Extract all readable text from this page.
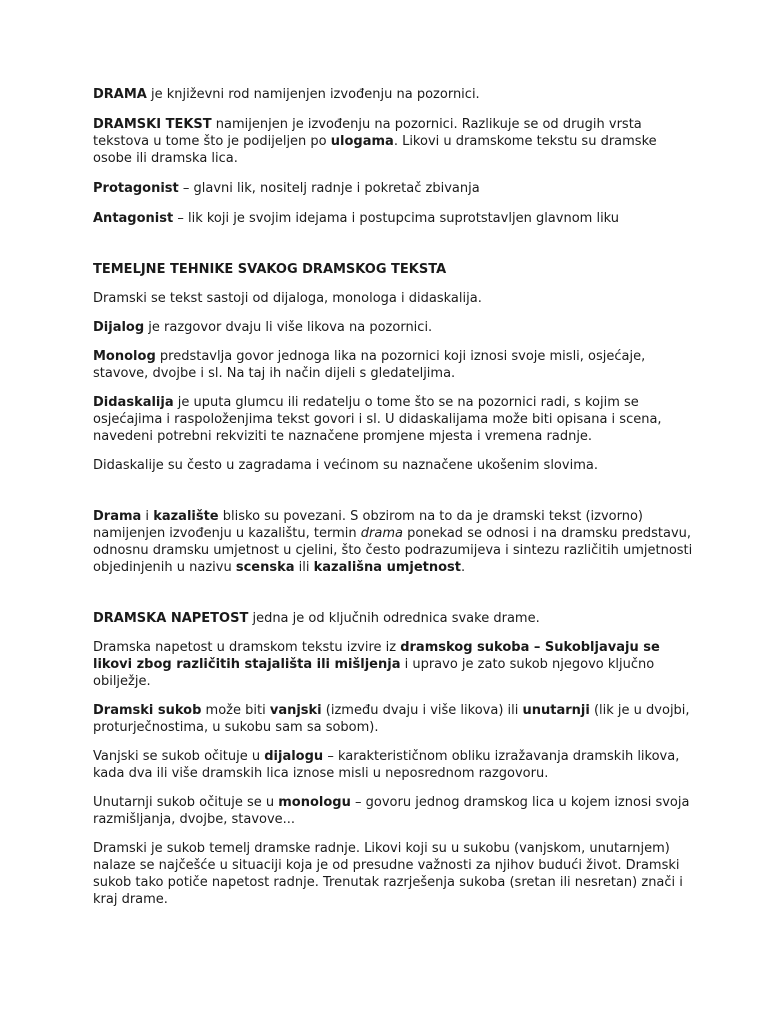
DRAMA je književni rod namijenjen izvođenju na pozornici.

DRAMSKI TEKST namijenjen je izvođenju na pozornici. Razlikuje se od drugih vrsta tekstova u tome što je podijeljen po ulogama. Likovi u dramskome tekstu su dramske osobe ili dramska lica.

Protagonist – glavni lik, nositelj radnje i pokretač zbivanja

Antagonist – lik koji je svojim idejama i postupcima suprotstavljen glavnom liku

TEMELJNE TEHNIKE SVAKOG DRAMSKOG TEKSTA

Dramski se tekst sastoji od dijaloga, monologa i didaskalija.

Dijalog je razgovor dvaju li više likova na pozornici.

Monolog predstavlja govor jednoga lika na pozornici koji iznosi svoje misli, osjećaje, stavove, dvojbe i sl. Na taj ih način dijeli s gledateljima.

Didaskalija je uputa glumcu ili redatelju o tome što se na pozornici radi, s kojim se osjećajima i raspoloženjima tekst govori i sl. U didaskalijama može biti opisana i scena, navedeni potrebni rekviziti te naznačene promjene mjesta i vremena radnje.

Didaskalije su često u zagradama i većinom su naznačene ukošenim slovima.

Drama i kazalište blisko su povezani. S obzirom na to da je dramski tekst (izvorno) namijenjen izvođenju u kazalištu, termin drama ponekad se odnosi i na dramsku predstavu, odnosnu dramsku umjetnost u cjelini, što često podrazumijeva i sintezu različitih umjetnosti objedinjenih u nazivu scenska ili kazališna umjetnost.

DRAMSKA NAPETOST jedna je od ključnih odrednica svake drame.

Dramska napetost u dramskom tekstu izvire iz dramskog sukoba – Sukobljavaju se likovi zbog različitih stajališta ili mišljenja i upravo je zato sukob njegovo ključno obilježje.

Dramski sukob može biti vanjski (između dvaju i više likova) ili unutarnji (lik je u dvojbi, proturječnostima, u sukobu sam sa sobom).

Vanjski se sukob očituje u dijalogu – karakterističnom obliku izražavanja dramskih likova, kada dva ili više dramskih lica iznose misli u neposrednom razgovoru.

Unutarnji sukob očituje se u monologu – govoru jednog dramskog lica u kojem iznosi svoja razmišljanja, dvojbe, stavove...

Dramski je sukob temelj dramske radnje. Likovi koji su u sukobu (vanjskom, unutarnjem) nalaze se najčešće u situaciji koja je od presudne važnosti za njihov budući život. Dramski sukob tako potiče napetost radnje. Trenutak razrješenja sukoba (sretan ili nesretan) znači i kraj drame.
